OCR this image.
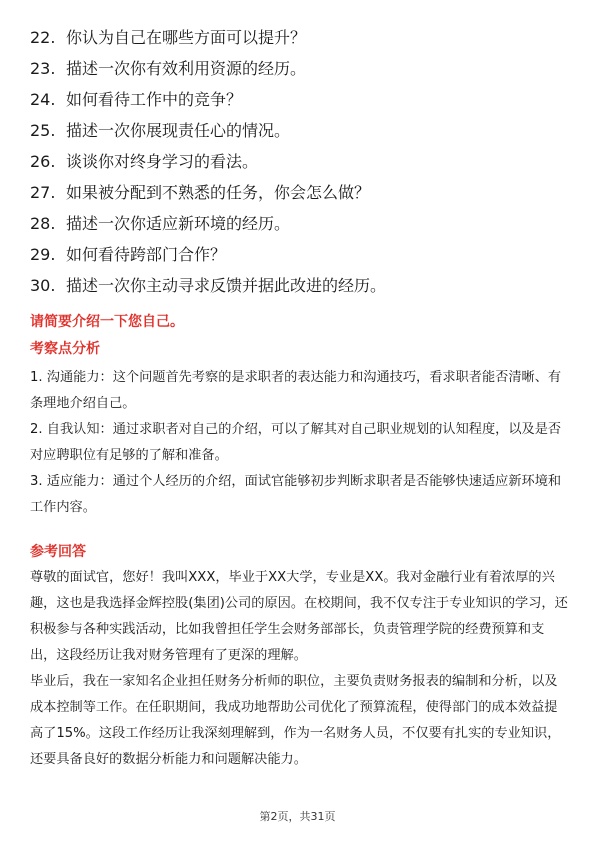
22. 你认为自己在哪些方面可以提升？
23. 描述一次你有效利用资源的经历。
24. 如何看待工作中的竞争？
25. 描述一次你展现责任心的情况。
26. 谈谈你对终身学习的看法。
27. 如果被分配到不熟悉的任务，你会怎么做？
28. 描述一次你适应新环境的经历。
29. 如何看待跨部门合作？
30. 描述一次你主动寻求反馈并据此改进的经历。
请简要介绍一下您自己。
考察点分析

1. 沟通能力：这个问题首先考察的是求职者的表达能力和沟通技巧，看求职者能否清晰、有条理地介绍自己。

2. 自我认知：通过求职者对自己的介绍，可以了解其对自己职业规划的认知程度，以及是否对应聘职位有足够的了解和准备。

3. 适应能力：通过个人经历的介绍，面试官能够初步判断求职者是否能够快速适应新环境和工作内容。

参考回答

尊敬的面试官，您好！我叫XXX，毕业于XX大学，专业是XX。我对金融行业有着浓厚的兴趣，这也是我选择金辉控股(集团)公司的原因。在校期间，我不仅专注于专业知识的学习，还积极参与各种实践活动，比如我曾担任学生会财务部部长，负责管理学院的经费预算和支出，这段经历让我对财务管理有了更深的理解。

毕业后，我在一家知名企业担任财务分析师的职位，主要负责财务报表的编制和分析，以及成本控制等工作。在任职期间，我成功地帮助公司优化了预算流程，使得部门的成本效益提高了15%。这段工作经历让我深刻理解到，作为一名财务人员，不仅要有扎实的专业知识，还要具备良好的数据分析能力和问题解决能力。

第2页，共31页
